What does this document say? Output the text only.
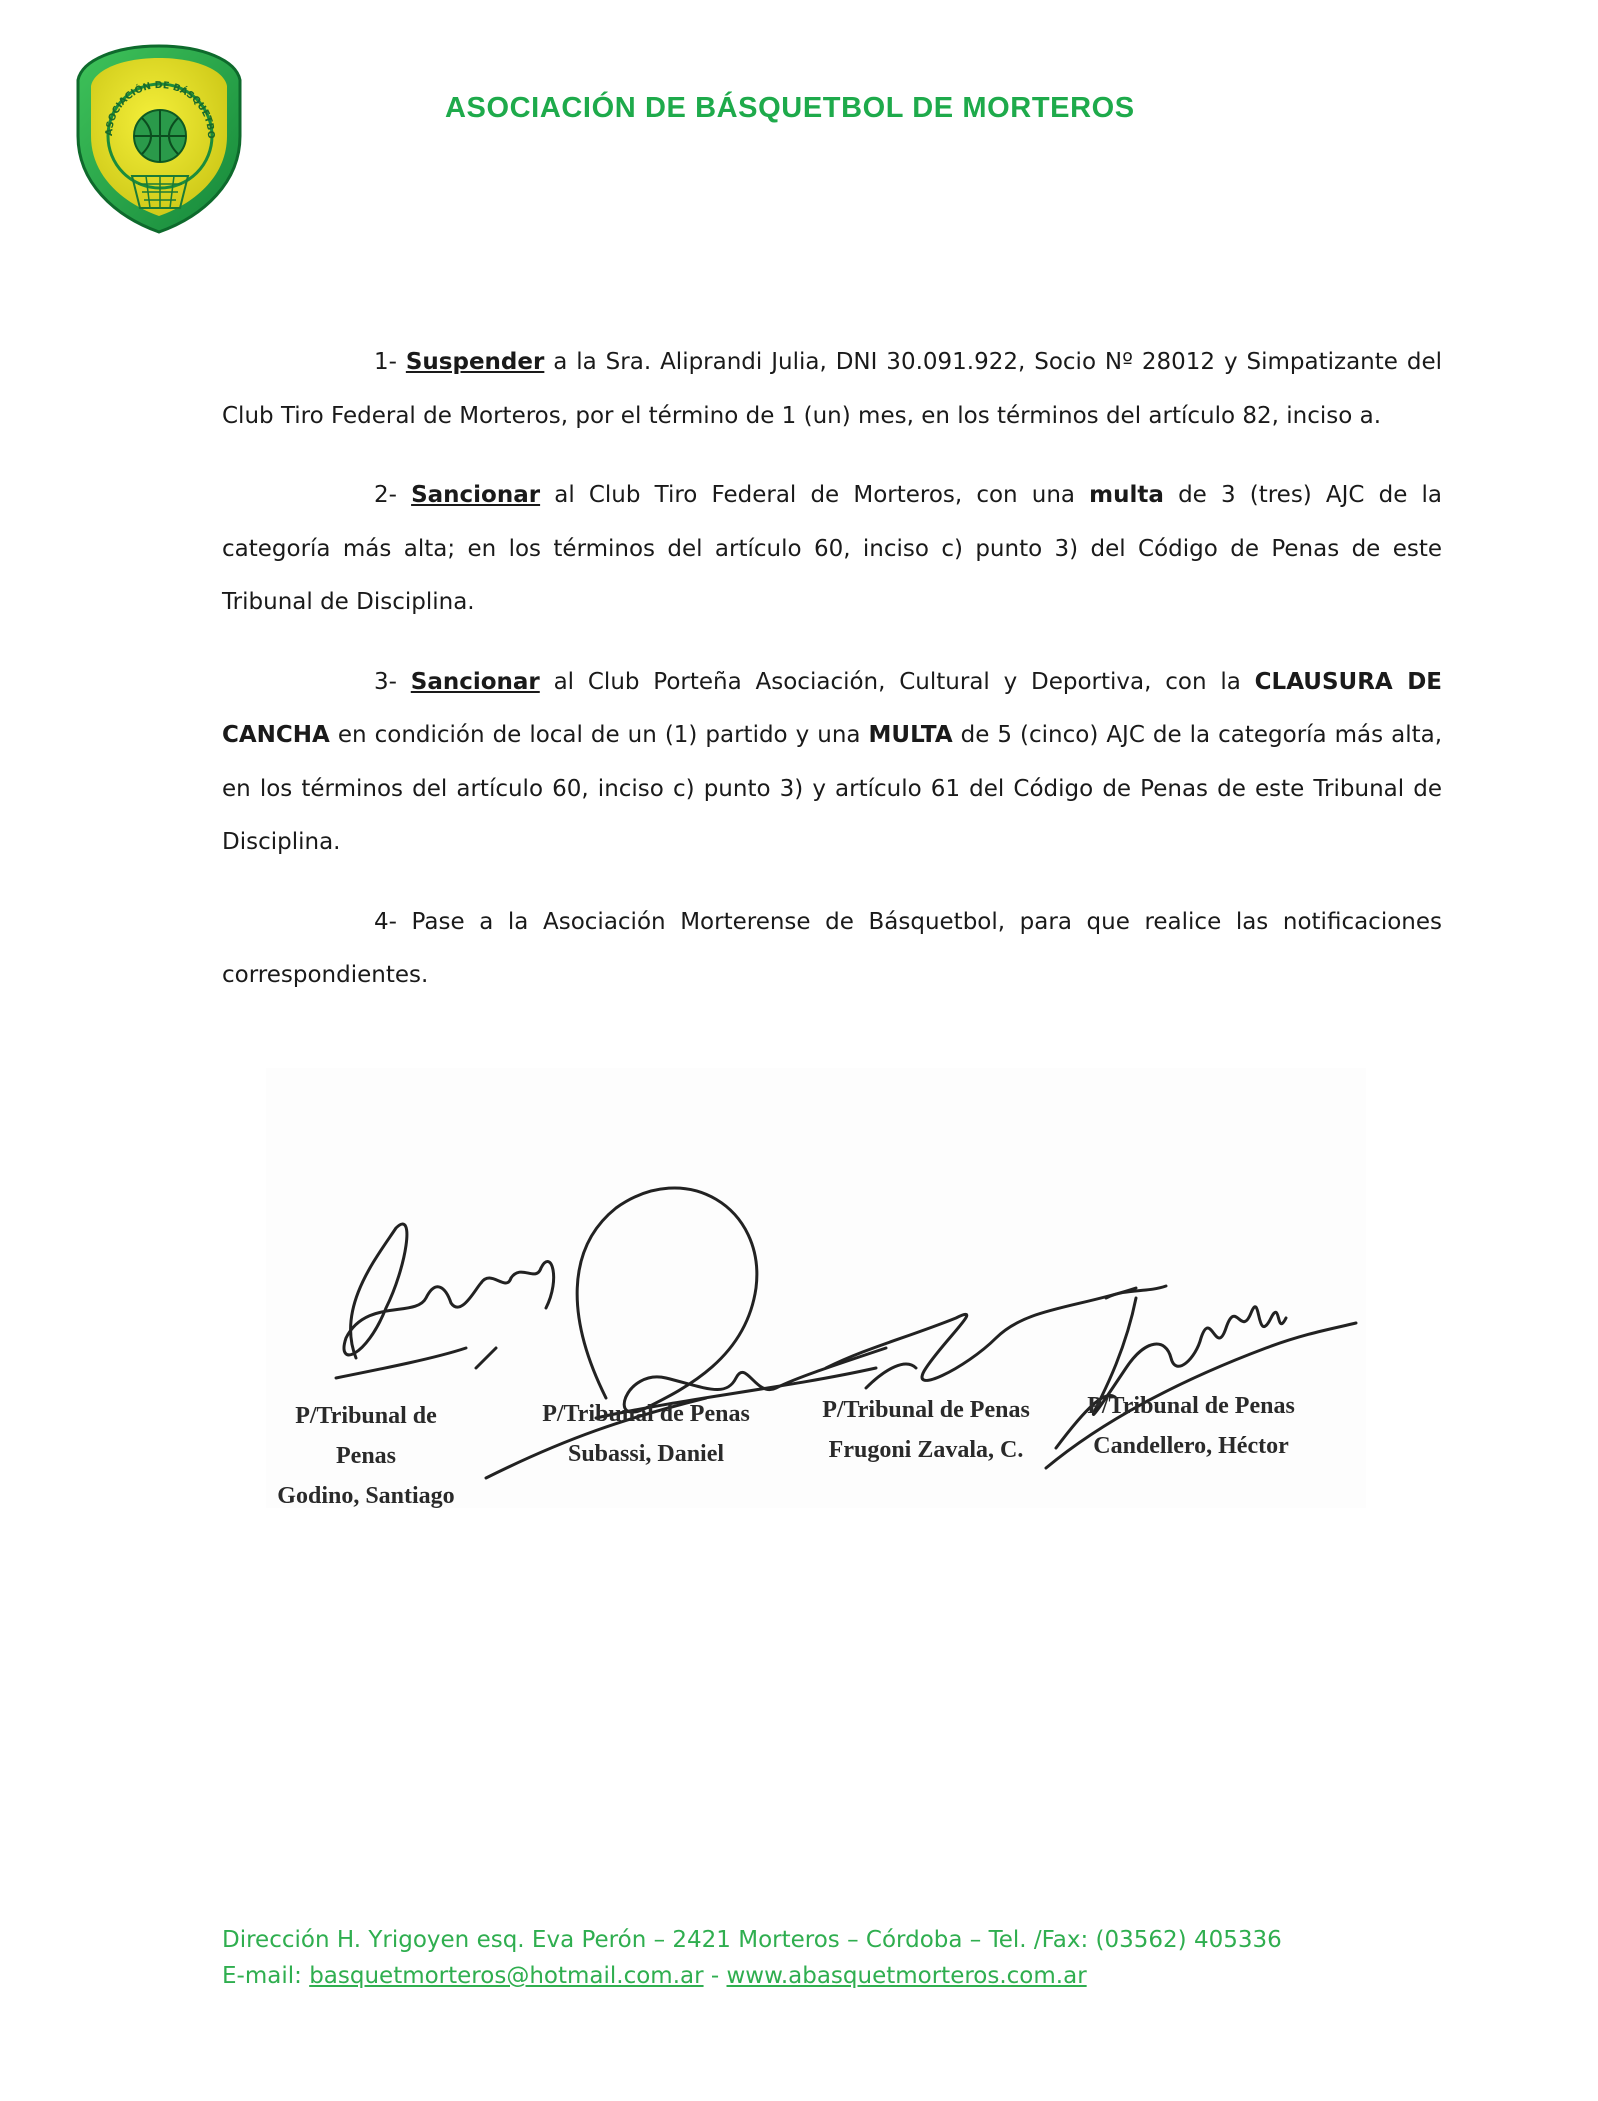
ASOCIACIÓN DE BÁSQUETBO
ASOCIACIÓN DE BÁSQUETBOL DE MORTEROS

1- Suspender a la Sra. Aliprandi Julia, DNI 30.091.922, Socio Nº 28012 y Simpatizante del Club Tiro Federal de Morteros, por el término de 1 (un) mes, en los términos del artículo 82, inciso a.

2- Sancionar al Club Tiro Federal de Morteros, con una multa de 3 (tres) AJC de la categoría más alta; en los términos del artículo 60, inciso c) punto 3) del Código de Penas de este Tribunal de Disciplina.

3- Sancionar al Club Porteña Asociación, Cultural y Deportiva, con la CLAUSURA DE CANCHA en condición de local de un (1) partido y una MULTA de 5 (cinco) AJC de la categoría más alta, en los términos del artículo 60, inciso c) punto 3) y artículo 61 del Código de Penas de este Tribunal de Disciplina.

4- Pase a la Asociación Morterense de Básquetbol, para que realice las notificaciones correspondientes.

P/Tribunal de Penas
Godino, Santiago
P/Tribunal de Penas
Subassi, Daniel
P/Tribunal de Penas
Frugoni Zavala, C.
P/Tribunal de Penas
Candellero, Héctor
Dirección H. Yrigoyen esq. Eva Perón – 2421 Morteros – Córdoba – Tel. /Fax: (03562) 405336
E-mail: basquetmorteros@hotmail.com.ar - www.abasquetmorteros.com.ar
